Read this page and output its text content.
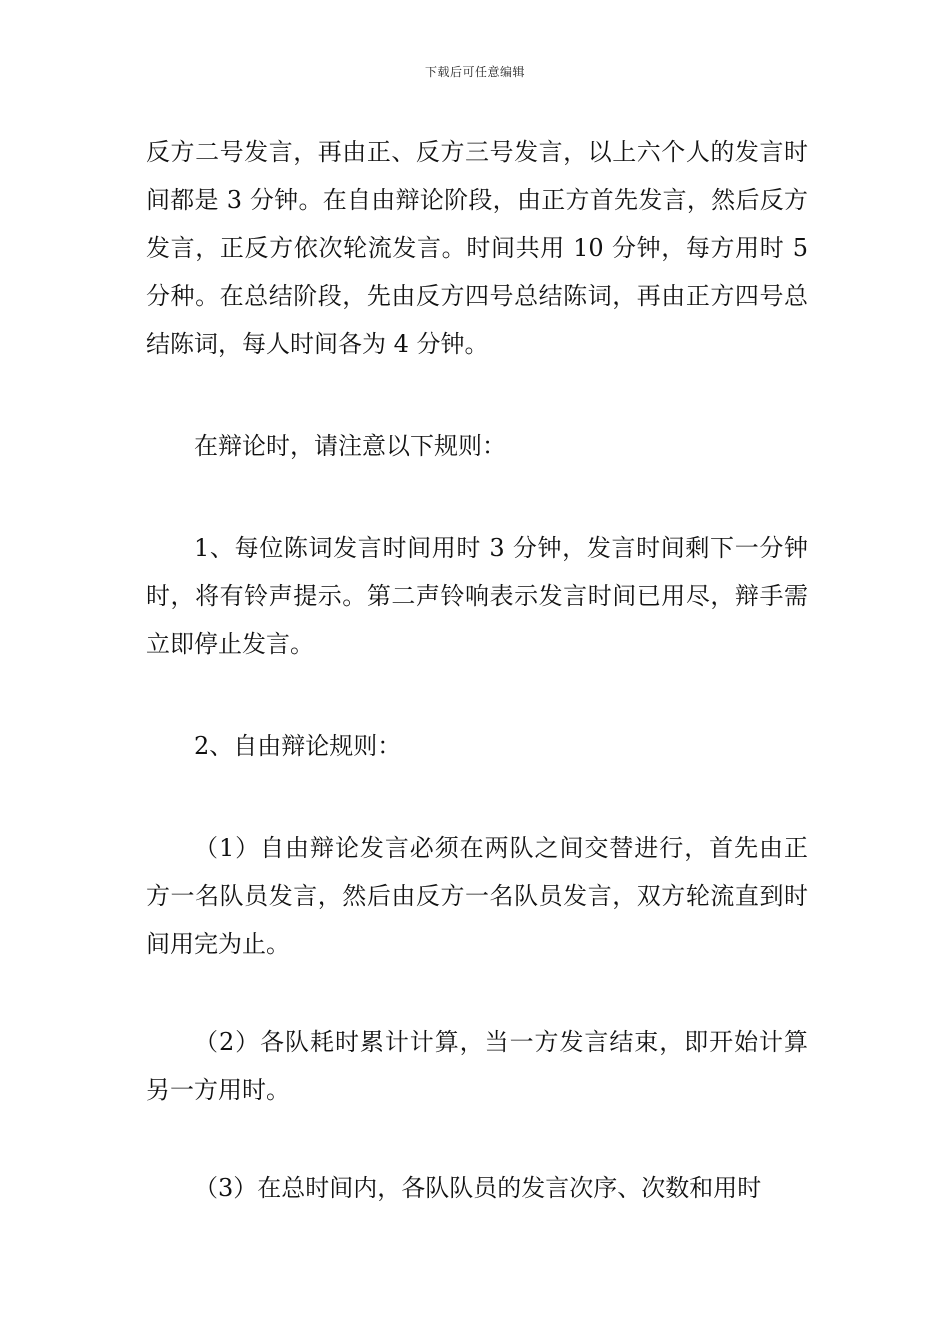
下载后可任意编辑

反方二号发言，再由正、反方三号发言，以上六个人的发言时间都是 3 分钟。在自由辩论阶段，由正方首先发言，然后反方发言，正反方依次轮流发言。时间共用 10 分钟，每方用时 5 分种。在总结阶段，先由反方四号总结陈词，再由正方四号总结陈词，每人时间各为 4 分钟。

在辩论时，请注意以下规则：

1、每位陈词发言时间用时 3 分钟，发言时间剩下一分钟时，将有铃声提示。第二声铃响表示发言时间已用尽，辩手需立即停止发言。

2、自由辩论规则：

（1）自由辩论发言必须在两队之间交替进行，首先由正方一名队员发言，然后由反方一名队员发言，双方轮流直到时间用完为止。

（2）各队耗时累计计算，当一方发言结束，即开始计算另一方用时。

（3）在总时间内，各队队员的发言次序、次数和用时
